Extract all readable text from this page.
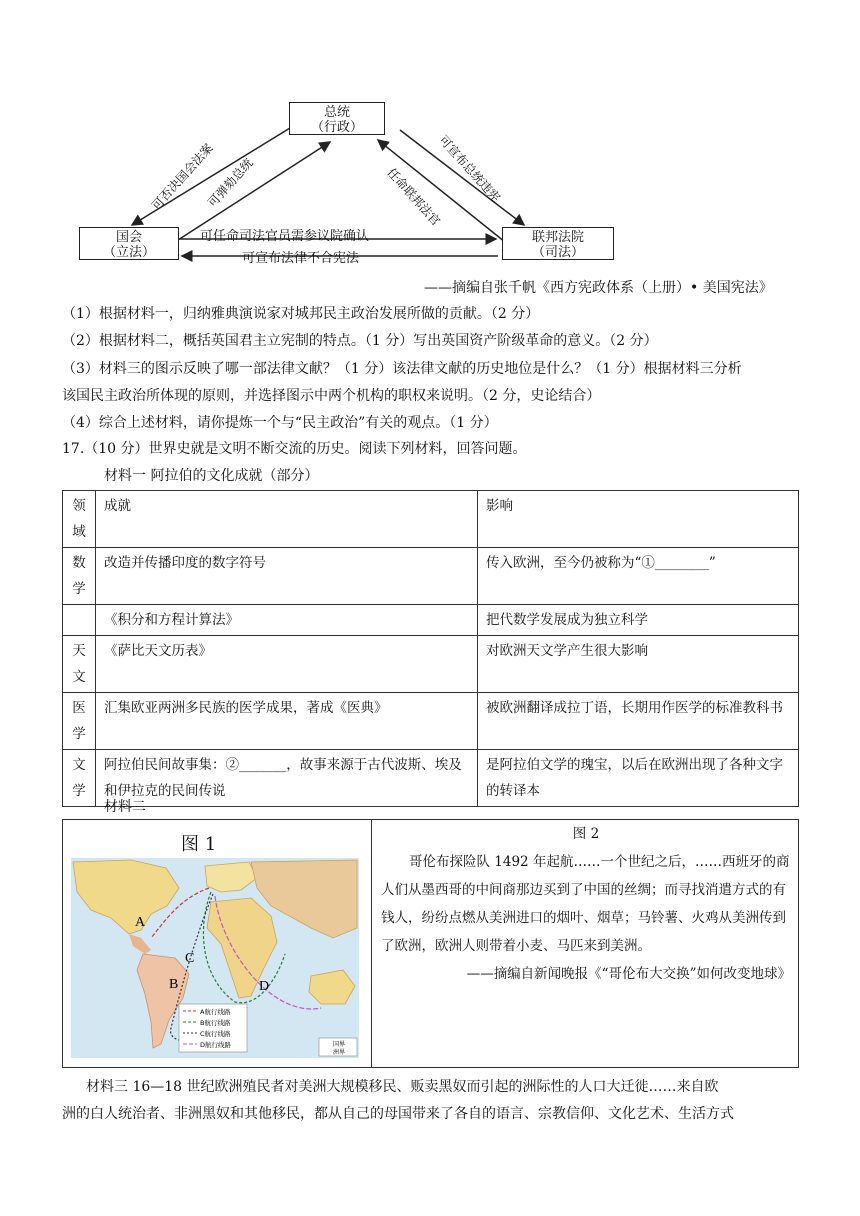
总统
（行政）
国会
（立法）
联邦法院
（司法）
可否决国会法案
可弹劾总统	可宣布总统违宪
任命联邦法官
可任命司法官员需参议院确认
可宣布法律不合宪法
——摘编自张千帆《西方宪政体系（上册）• 美国宪法》
（1）根据材料一，归纳雅典演说家对城邦民主政治发展所做的贡献。（2 分）
（2）根据材料二，概括英国君主立宪制的特点。（1 分）写出英国资产阶级革命的意义。（2 分）
（3）材料三的图示反映了哪一部法律文献？（1 分）该法律文献的历史地位是什么？（1 分）根据材料三分析
该国民主政治所体现的原则，并选择图示中两个机构的职权来说明。（2 分，史论结合）
（4）综合上述材料，请你提炼一个与“民主政治”有关的观点。（1 分）
17.（10 分）世界史就是文明不断交流的历史。阅读下列材料，回答问题。
材料一 阿拉伯的文化成就（部分）
领域	成就	影响
数学	改造并传播印度的数字符号	传入欧洲，至今仍被称为“①________”
	《积分和方程计算法》	把代数学发展成为独立科学
天文	《萨比天文历表》	对欧洲天文学产生很大影响
医学	汇集欧亚两洲多民族的医学成果，著成《医典》	被欧洲翻译成拉丁语，长期用作医学的标准教科书
文学	阿拉伯民间故事集：②_______，故事来源于古代波斯、埃及和伊拉克的民间传说	是阿拉伯文学的瑰宝，以后在欧洲出现了各种文字的转译本
材料二
图 1
A
C
B	D
A航行线路
B航行线路
C航行线路
D航行线路	国界
洲界
图 2
哥伦布探险队 1492 年起航……一个世纪之后，……西班牙的商人们从墨西哥的中间商那边买到了中国的丝绸；而寻找消遣方式的有钱人，纷纷点燃从美洲进口的烟叶、烟草；马铃薯、火鸡从美洲传到了欧洲，欧洲人则带着小麦、马匹来到美洲。
——摘编自新闻晚报《“哥伦布大交换”如何改变地球》
材料三 16—18 世纪欧洲殖民者对美洲大规模移民、贩卖黑奴而引起的洲际性的人口大迁徙……来自欧
洲的白人统治者、非洲黑奴和其他移民，都从自己的母国带来了各自的语言、宗教信仰、文化艺术、生活方式
